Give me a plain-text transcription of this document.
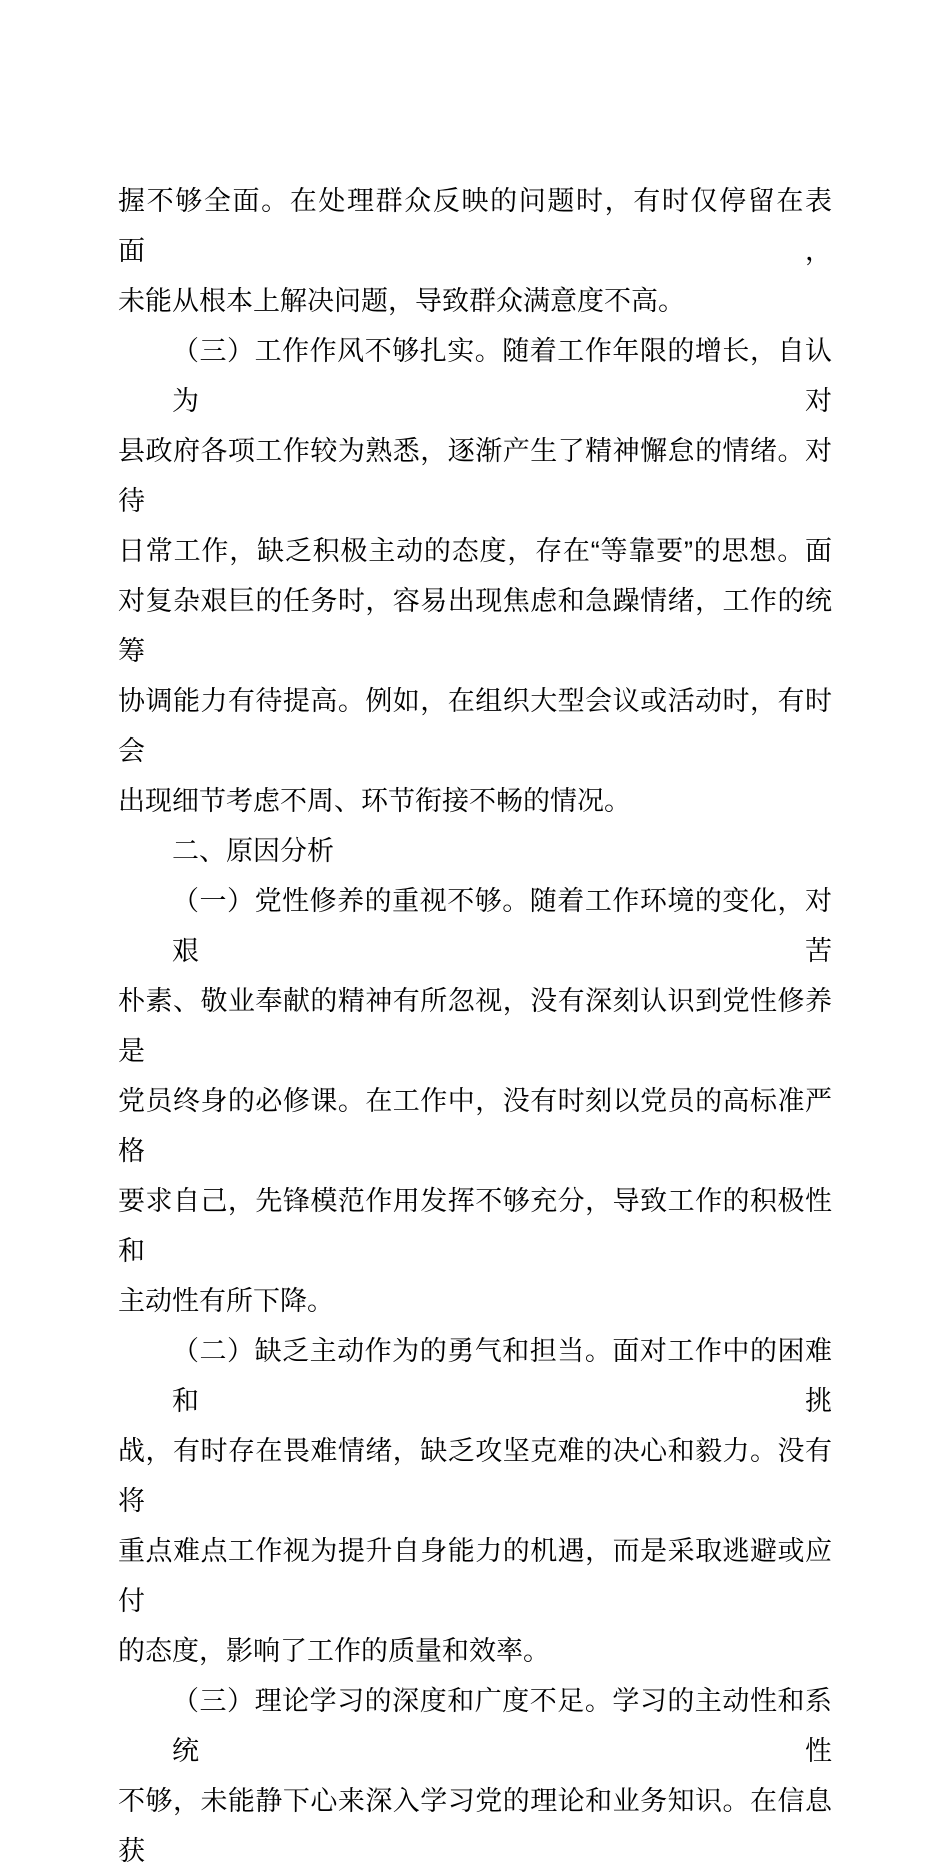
握不够全面。在处理群众反映的问题时，有时仅停留在表面，
未能从根本上解决问题，导致群众满意度不高。

（三）工作作风不够扎实。随着工作年限的增长，自认为对
县政府各项工作较为熟悉，逐渐产生了精神懈怠的情绪。对待
日常工作，缺乏积极主动的态度，存在“等靠要”的思想。面
对复杂艰巨的任务时，容易出现焦虑和急躁情绪，工作的统筹
协调能力有待提高。例如，在组织大型会议或活动时，有时会
出现细节考虑不周、环节衔接不畅的情况。

二、原因分析

（一）党性修养的重视不够。随着工作环境的变化，对艰苦
朴素、敬业奉献的精神有所忽视，没有深刻认识到党性修养是
党员终身的必修课。在工作中，没有时刻以党员的高标准严格
要求自己，先锋模范作用发挥不够充分，导致工作的积极性和
主动性有所下降。

（二）缺乏主动作为的勇气和担当。面对工作中的困难和挑
战，有时存在畏难情绪，缺乏攻坚克难的决心和毅力。没有将
重点难点工作视为提升自身能力的机遇，而是采取逃避或应付
的态度，影响了工作的质量和效率。

（三）理论学习的深度和广度不足。学习的主动性和系统性
不够，未能静下心来深入学习党的理论和业务知识。在信息获
